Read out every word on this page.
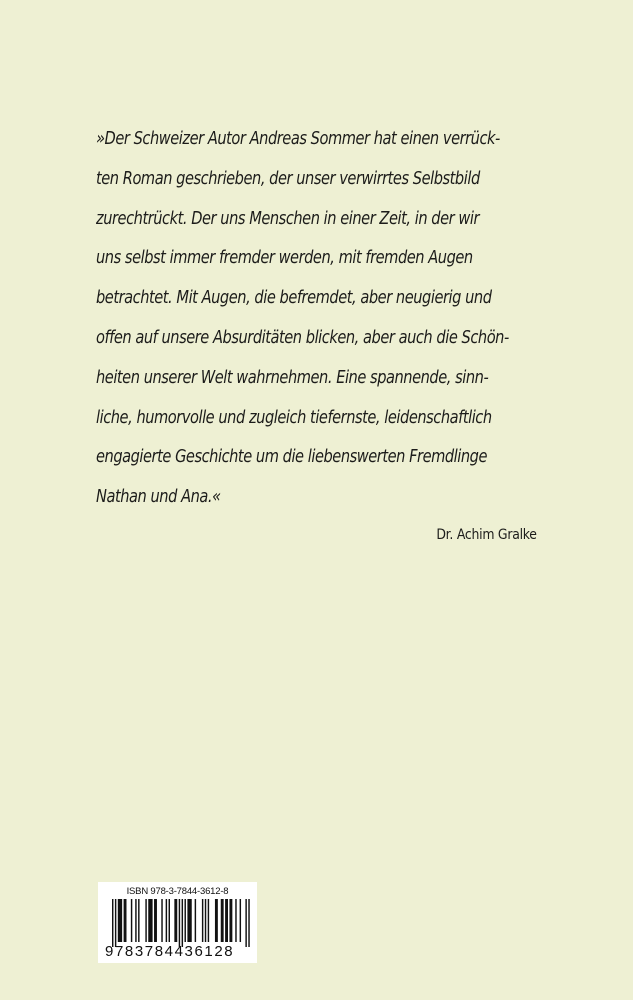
»Der Schweizer Autor Andreas Sommer hat einen verrück-
ten Roman geschrieben, der unser verwirrtes Selbstbild
zurechtrückt. Der uns Menschen in einer Zeit, in der wir
uns selbst immer fremder werden, mit fremden Augen
betrachtet. Mit Augen, die befremdet, aber neugierig und
offen auf unsere Absurditäten blicken, aber auch die Schön-
heiten unserer Welt wahrnehmen. Eine spannende, sinn-
liche, humorvolle und zugleich tiefernste, leidenschaftlich
engagierte Geschichte um die liebenswerten Fremdlinge
Nathan und Ana.«
Dr. Achim Gralke
ISBN 978-3-7844-3612-8
9783784436128
